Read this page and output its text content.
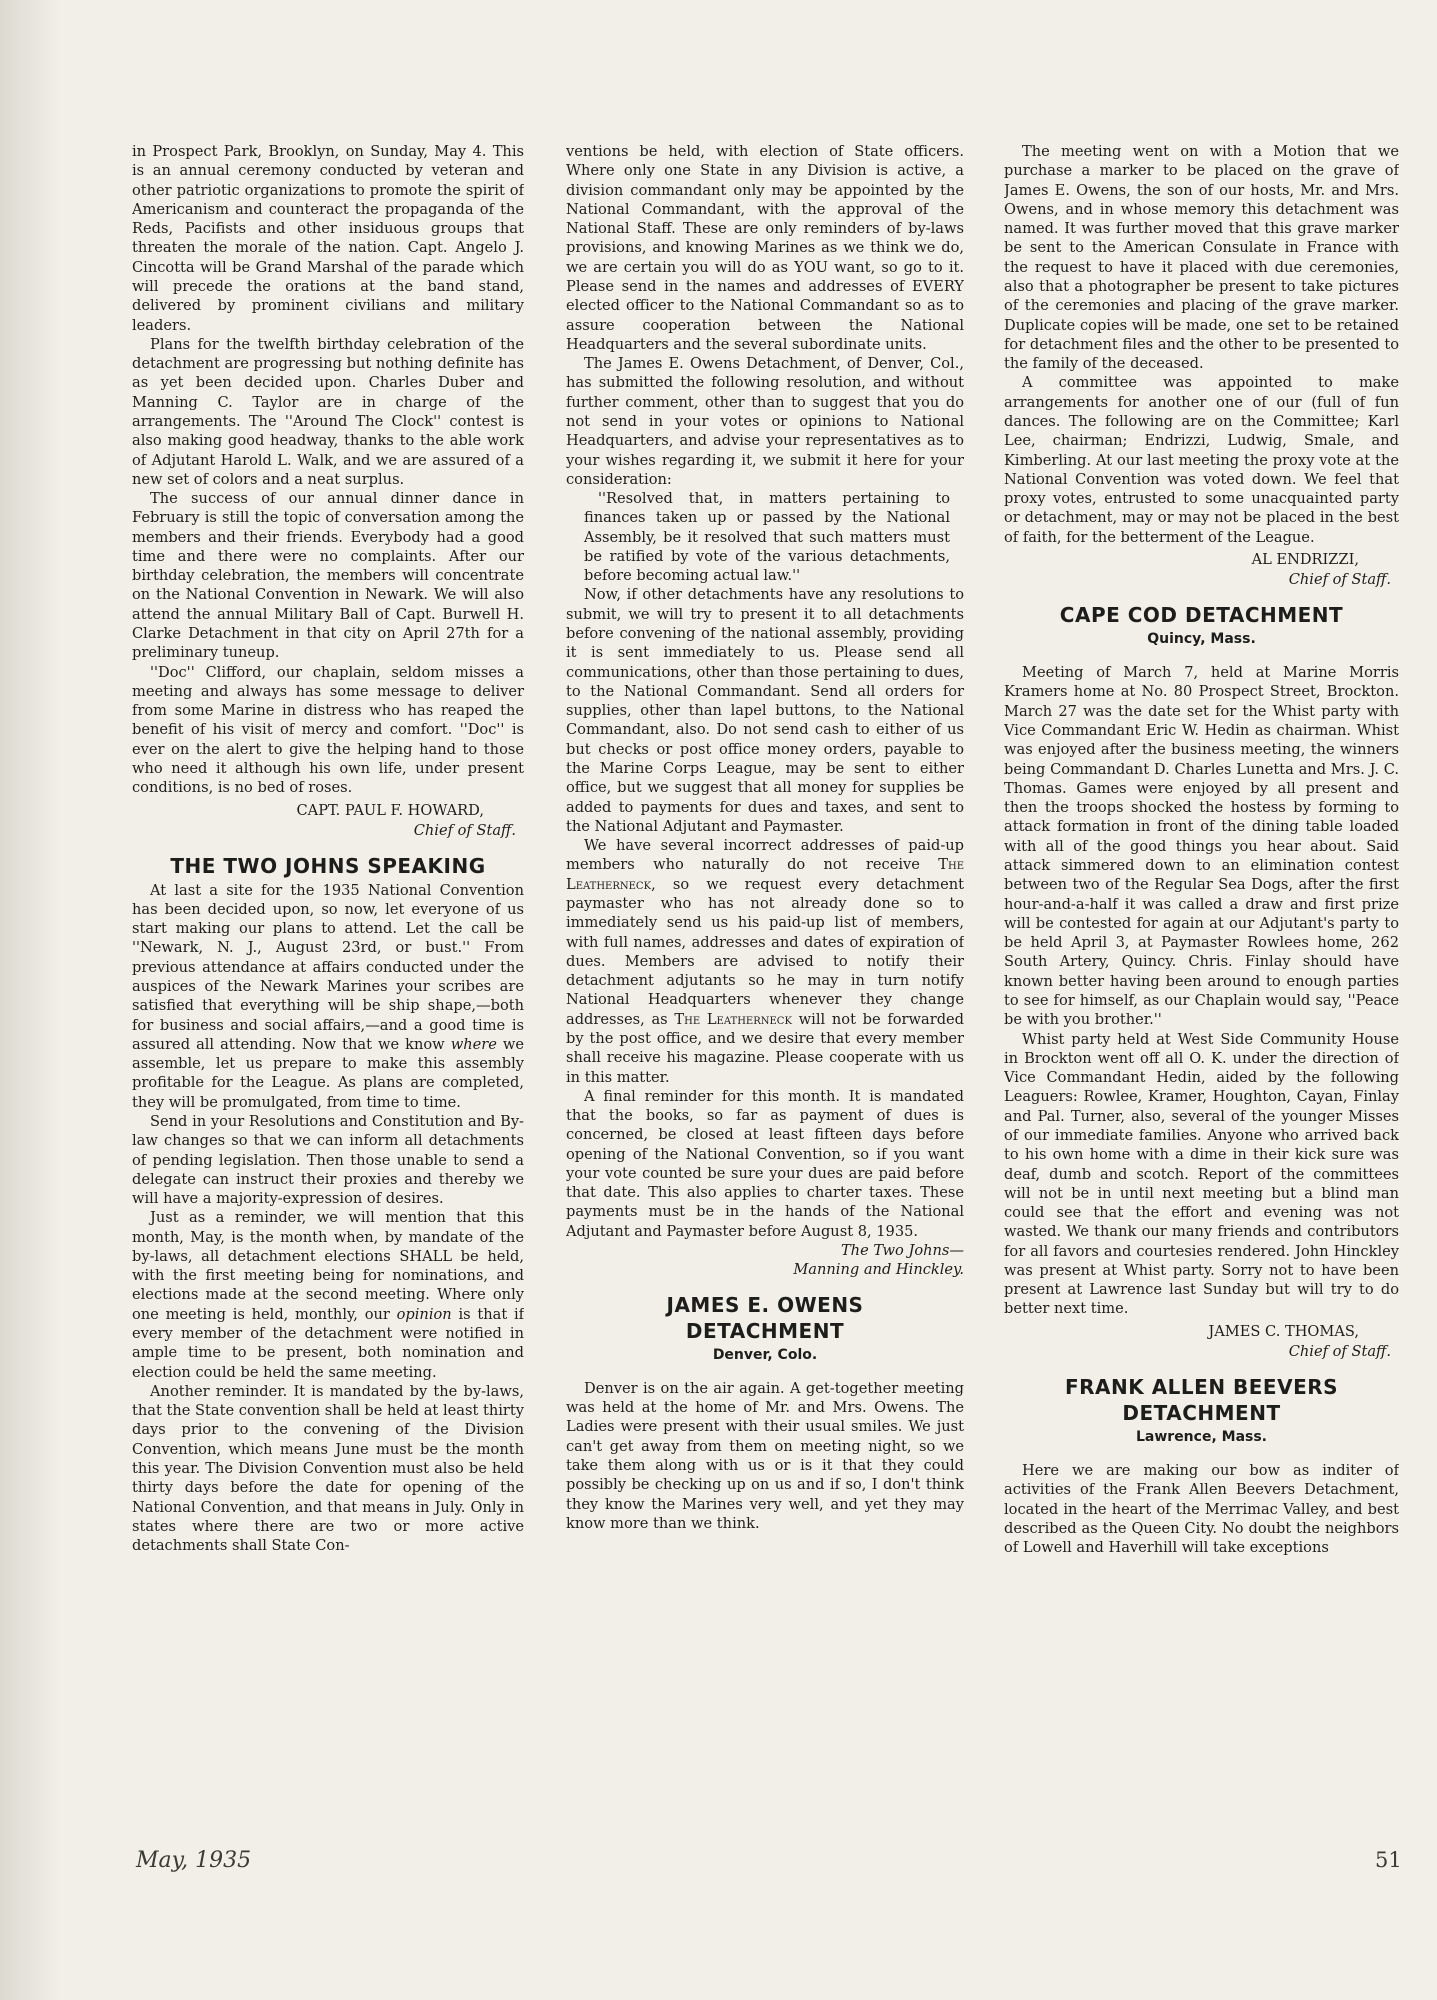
in Prospect Park, Brooklyn, on Sunday, May 4. This is an annual ceremony conducted by veteran and other patriotic organizations to promote the spirit of Americanism and counteract the propaganda of the Reds, Pacifists and other insiduous groups that threaten the morale of the nation. Capt. Angelo J. Cincotta will be Grand Marshal of the parade which will precede the orations at the band stand, delivered by prominent civilians and military leaders.

Plans for the twelfth birthday celebration of the detachment are progressing but nothing definite has as yet been decided upon. Charles Duber and Manning C. Taylor are in charge of the arrangements. The ''Around The Clock'' contest is also making good headway, thanks to the able work of Adjutant Harold L. Walk, and we are assured of a new set of colors and a neat surplus.

The success of our annual dinner dance in February is still the topic of conversation among the members and their friends. Everybody had a good time and there were no complaints. After our birthday celebration, the members will concentrate on the National Convention in Newark. We will also attend the annual Military Ball of Capt. Burwell H. Clarke Detachment in that city on April 27th for a preliminary tuneup.

''Doc'' Clifford, our chaplain, seldom misses a meeting and always has some message to deliver from some Marine in distress who has reaped the benefit of his visit of mercy and comfort. ''Doc'' is ever on the alert to give the helping hand to those who need it although his own life, under present conditions, is no bed of roses.

CAPT. PAUL F. HOWARD,
Chief of Staff.
THE TWO JOHNS SPEAKING

At last a site for the 1935 National Convention has been decided upon, so now, let everyone of us start making our plans to attend. Let the call be ''Newark, N. J., August 23rd, or bust.'' From previous attendance at affairs conducted under the auspices of the Newark Marines your scribes are satisfied that everything will be ship shape,—both for business and social affairs,—and a good time is assured all attending. Now that we know where we assemble, let us prepare to make this assembly profitable for the League. As plans are completed, they will be promulgated, from time to time.

Send in your Resolutions and Constitution and By-law changes so that we can inform all detachments of pending legislation. Then those unable to send a delegate can instruct their proxies and thereby we will have a majority-expression of desires.

Just as a reminder, we will mention that this month, May, is the month when, by mandate of the by-laws, all detachment elections SHALL be held, with the first meeting being for nominations, and elections made at the second meeting. Where only one meeting is held, monthly, our opinion is that if every member of the detachment were notified in ample time to be present, both nomination and election could be held the same meeting.

Another reminder. It is mandated by the by-laws, that the State convention shall be held at least thirty days prior to the convening of the Division Convention, which means June must be the month this year. The Division Convention must also be held thirty days before the date for opening of the National Convention, and that means in July. Only in states where there are two or more active detachments shall State Con-

ventions be held, with election of State officers. Where only one State in any Division is active, a division commandant only may be appointed by the National Commandant, with the approval of the National Staff. These are only reminders of by-laws provisions, and knowing Marines as we think we do, we are certain you will do as YOU want, so go to it. Please send in the names and addresses of EVERY elected officer to the National Commandant so as to assure cooperation between the National Headquarters and the several subordinate units.

The James E. Owens Detachment, of Denver, Col., has submitted the following resolution, and without further comment, other than to suggest that you do not send in your votes or opinions to National Headquarters, and advise your representatives as to your wishes regarding it, we submit it here for your consideration:

''Resolved that, in matters pertaining to finances taken up or passed by the National Assembly, be it resolved that such matters must be ratified by vote of the various detachments, before becoming actual law.''

Now, if other detachments have any resolutions to submit, we will try to present it to all detachments before convening of the national assembly, providing it is sent immediately to us. Please send all communications, other than those pertaining to dues, to the National Commandant. Send all orders for supplies, other than lapel buttons, to the National Commandant, also. Do not send cash to either of us but checks or post office money orders, payable to the Marine Corps League, may be sent to either office, but we suggest that all money for supplies be added to payments for dues and taxes, and sent to the National Adjutant and Paymaster.

We have several incorrect addresses of paid-up members who naturally do not receive The Leatherneck, so we request every detachment paymaster who has not already done so to immediately send us his paid-up list of members, with full names, addresses and dates of expiration of dues. Members are advised to notify their detachment adjutants so he may in turn notify National Headquarters whenever they change addresses, as The Leatherneck will not be forwarded by the post office, and we desire that every member shall receive his magazine. Please cooperate with us in this matter.

A final reminder for this month. It is mandated that the books, so far as payment of dues is concerned, be closed at least fifteen days before opening of the National Convention, so if you want your vote counted be sure your dues are paid before that date. This also applies to charter taxes. These payments must be in the hands of the National Adjutant and Paymaster before August 8, 1935.

The Two Johns—

Manning and Hinckley.

JAMES E. OWENS
DETACHMENT
Denver, Colo.

Denver is on the air again. A get-together meeting was held at the home of Mr. and Mrs. Owens. The Ladies were present with their usual smiles. We just can't get away from them on meeting night, so we take them along with us or is it that they could possibly be checking up on us and if so, I don't think they know the Marines very well, and yet they may know more than we think.

The meeting went on with a Motion that we purchase a marker to be placed on the grave of James E. Owens, the son of our hosts, Mr. and Mrs. Owens, and in whose memory this detachment was named. It was further moved that this grave marker be sent to the American Consulate in France with the request to have it placed with due ceremonies, also that a photographer be present to take pictures of the ceremonies and placing of the grave marker. Duplicate copies will be made, one set to be retained for detachment files and the other to be presented to the family of the deceased.

A committee was appointed to make arrangements for another one of our (full of fun dances. The following are on the Committee; Karl Lee, chairman; Endrizzi, Ludwig, Smale, and Kimberling. At our last meeting the proxy vote at the National Convention was voted down. We feel that proxy votes, entrusted to some unacquainted party or detachment, may or may not be placed in the best of faith, for the betterment of the League.

AL ENDRIZZI,
Chief of Staff.
CAPE COD DETACHMENT
Quincy, Mass.

Meeting of March 7, held at Marine Morris Kramers home at No. 80 Prospect Street, Brockton. March 27 was the date set for the Whist party with Vice Commandant Eric W. Hedin as chairman. Whist was enjoyed after the business meeting, the winners being Commandant D. Charles Lunetta and Mrs. J. C. Thomas. Games were enjoyed by all present and then the troops shocked the hostess by forming to attack formation in front of the dining table loaded with all of the good things you hear about. Said attack simmered down to an elimination contest between two of the Regular Sea Dogs, after the first hour-and-a-half it was called a draw and first prize will be contested for again at our Adjutant's party to be held April 3, at Paymaster Rowlees home, 262 South Artery, Quincy. Chris. Finlay should have known better having been around to enough parties to see for himself, as our Chaplain would say, ''Peace be with you brother.''

Whist party held at West Side Community House in Brockton went off all O. K. under the direction of Vice Commandant Hedin, aided by the following Leaguers: Rowlee, Kramer, Houghton, Cayan, Finlay and Pal. Turner, also, several of the younger Misses of our immediate families. Anyone who arrived back to his own home with a dime in their kick sure was deaf, dumb and scotch. Report of the committees will not be in until next meeting but a blind man could see that the effort and evening was not wasted. We thank our many friends and contributors for all favors and courtesies rendered. John Hinckley was present at Whist party. Sorry not to have been present at Lawrence last Sunday but will try to do better next time.

JAMES C. THOMAS,
Chief of Staff.
FRANK ALLEN BEEVERS
DETACHMENT
Lawrence, Mass.

Here we are making our bow as inditer of activities of the Frank Allen Beevers Detachment, located in the heart of the Merrimac Valley, and best described as the Queen City. No doubt the neighbors of Lowell and Haverhill will take exceptions

May, 1935	51
